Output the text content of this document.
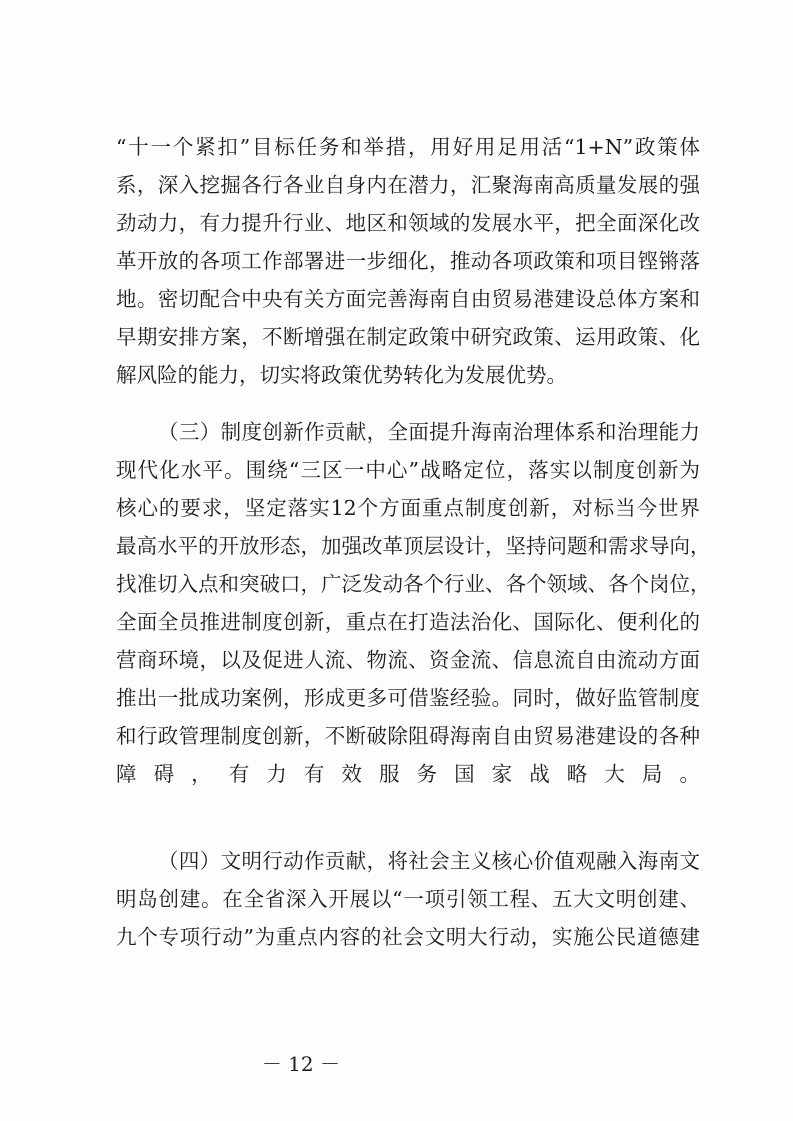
“十一个紧扣”目标任务和举措，用好用足用活“1+N”政策体
系，深入挖掘各行各业自身内在潜力，汇聚海南高质量发展的强
劲动力，有力提升行业、地区和领域的发展水平，把全面深化改
革开放的各项工作部署进一步细化，推动各项政策和项目铿锵落
地。密切配合中央有关方面完善海南自由贸易港建设总体方案和
早期安排方案，不断增强在制定政策中研究政策、运用政策、化
解风险的能力，切实将政策优势转化为发展优势。
（三）制度创新作贡献，全面提升海南治理体系和治理能力
现代化水平。围绕“三区一中心”战略定位，落实以制度创新为
核心的要求，坚定落实12个方面重点制度创新，对标当今世界
最高水平的开放形态，加强改革顶层设计，坚持问题和需求导向，
找准切入点和突破口，广泛发动各个行业、各个领域、各个岗位，
全面全员推进制度创新，重点在打造法治化、国际化、便利化的
营商环境，以及促进人流、物流、资金流、信息流自由流动方面
推出一批成功案例，形成更多可借鉴经验。同时，做好监管制度
和行政管理制度创新，不断破除阻碍海南自由贸易港建设的各种
障碍，有力有效服务国家战略大局。
（四）文明行动作贡献，将社会主义核心价值观融入海南文
明岛创建。在全省深入开展以“一项引领工程、五大文明创建、
九个专项行动”为重点内容的社会文明大行动，实施公民道德建
－ 12 －
